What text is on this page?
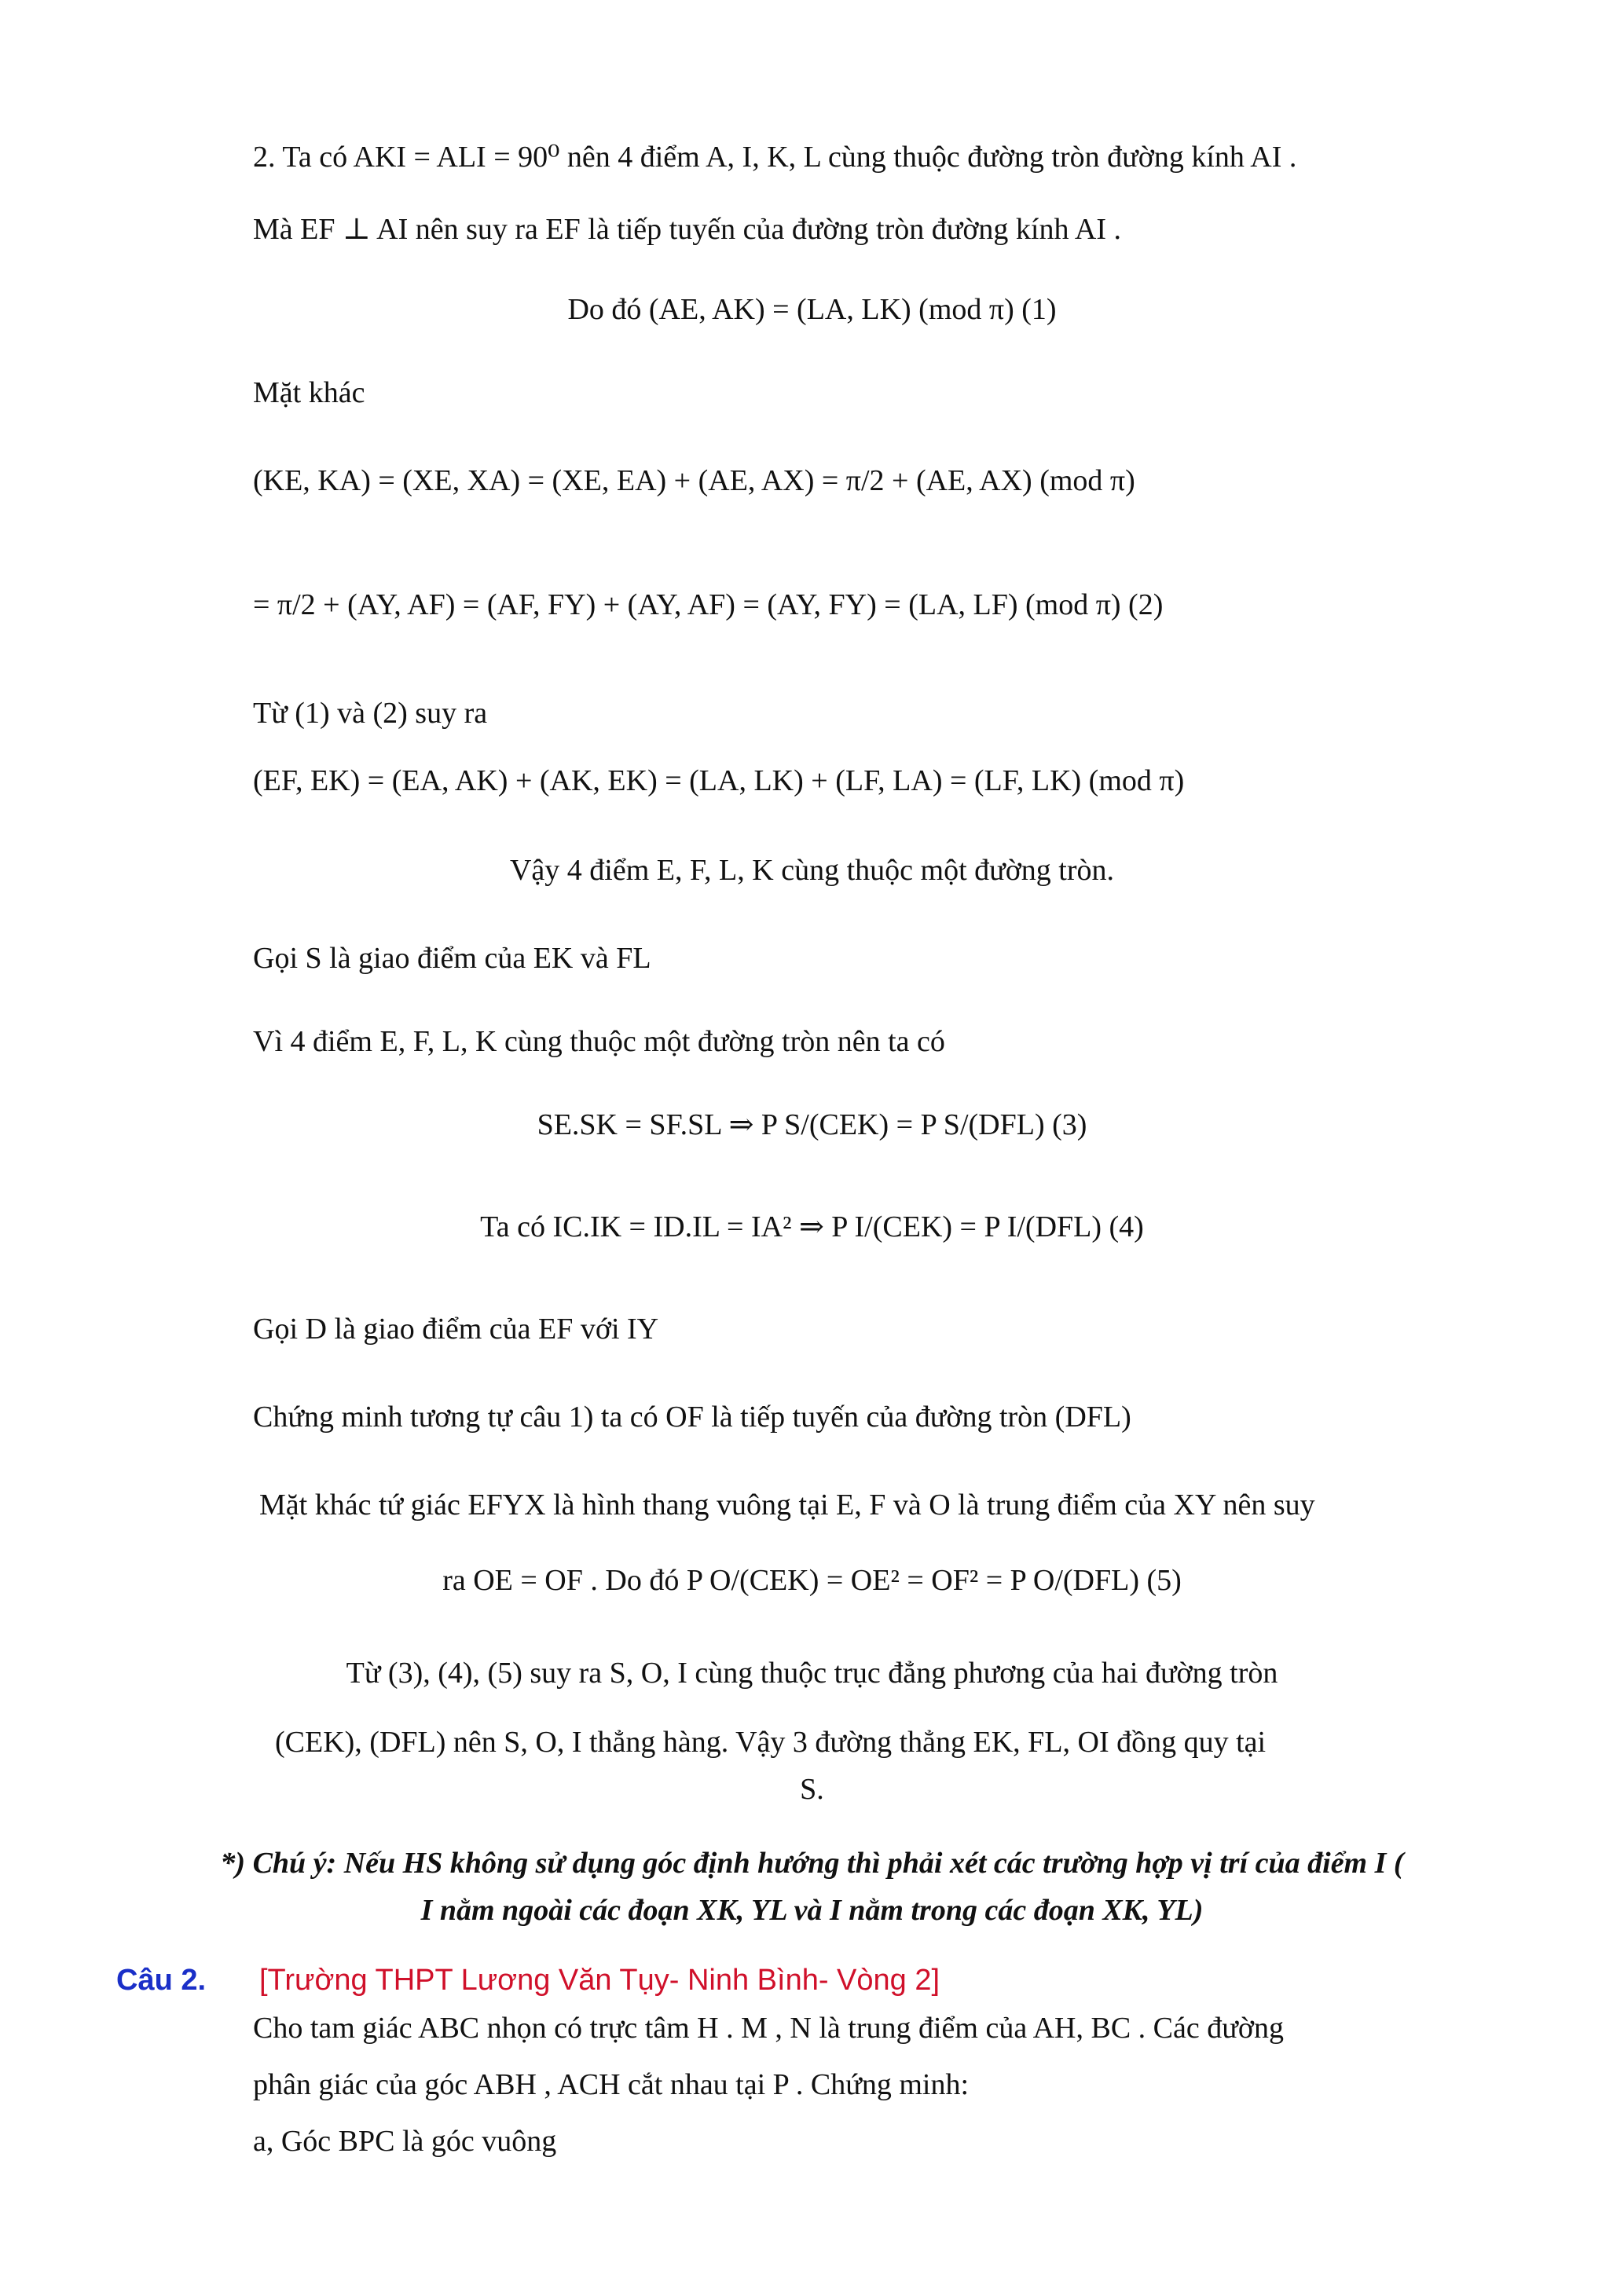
2. Ta có AKI = ALI = 90⁰ nên 4 điểm A, I, K, L cùng thuộc đường tròn đường kính AI .
Mà EF ⊥ AI nên suy ra EF là tiếp tuyến của đường tròn đường kính AI .
Do đó (AE, AK) = (LA, LK) (mod π) (1)
Mặt khác
(KE, KA) = (XE, XA) = (XE, EA) + (AE, AX) = π/2 + (AE, AX) (mod π)
= π/2 + (AY, AF) = (AF, FY) + (AY, AF) = (AY, FY) = (LA, LF) (mod π) (2)
Từ (1) và (2) suy ra
(EF, EK) = (EA, AK) + (AK, EK) = (LA, LK) + (LF, LA) = (LF, LK) (mod π)
Vậy 4 điểm E, F, L, K cùng thuộc một đường tròn.
Gọi S là giao điểm của EK và FL
Vì 4 điểm E, F, L, K cùng thuộc một đường tròn nên ta có
SE.SK = SF.SL ⇒ P S/(CEK) = P S/(DFL) (3)
Ta có IC.IK = ID.IL = IA² ⇒ P I/(CEK) = P I/(DFL) (4)
Gọi D là giao điểm của EF với IY
Chứng minh tương tự câu 1) ta có OF là tiếp tuyến của đường tròn (DFL)
Mặt khác tứ giác EFYX là hình thang vuông tại E, F và O là trung điểm của XY nên suy
ra OE = OF . Do đó P O/(CEK) = OE² = OF² = P O/(DFL) (5)
Từ (3), (4), (5) suy ra S, O, I cùng thuộc trục đẳng phương của hai đường tròn
(CEK), (DFL) nên S, O, I thẳng hàng. Vậy 3 đường thẳng EK, FL, OI đồng quy tại
S.
*) Chú ý: Nếu HS không sử dụng góc định hướng thì phải xét các trường hợp vị trí của điểm I (
I nằm ngoài các đoạn XK, YL và I nằm trong các đoạn XK, YL)
Câu 2. [Trường THPT Lương Văn Tụy- Ninh Bình- Vòng 2]
Cho tam giác ABC nhọn có trực tâm H . M , N là trung điểm của AH, BC . Các đường
phân giác của góc ABH , ACH cắt nhau tại P . Chứng minh:
a, Góc BPC là góc vuông
